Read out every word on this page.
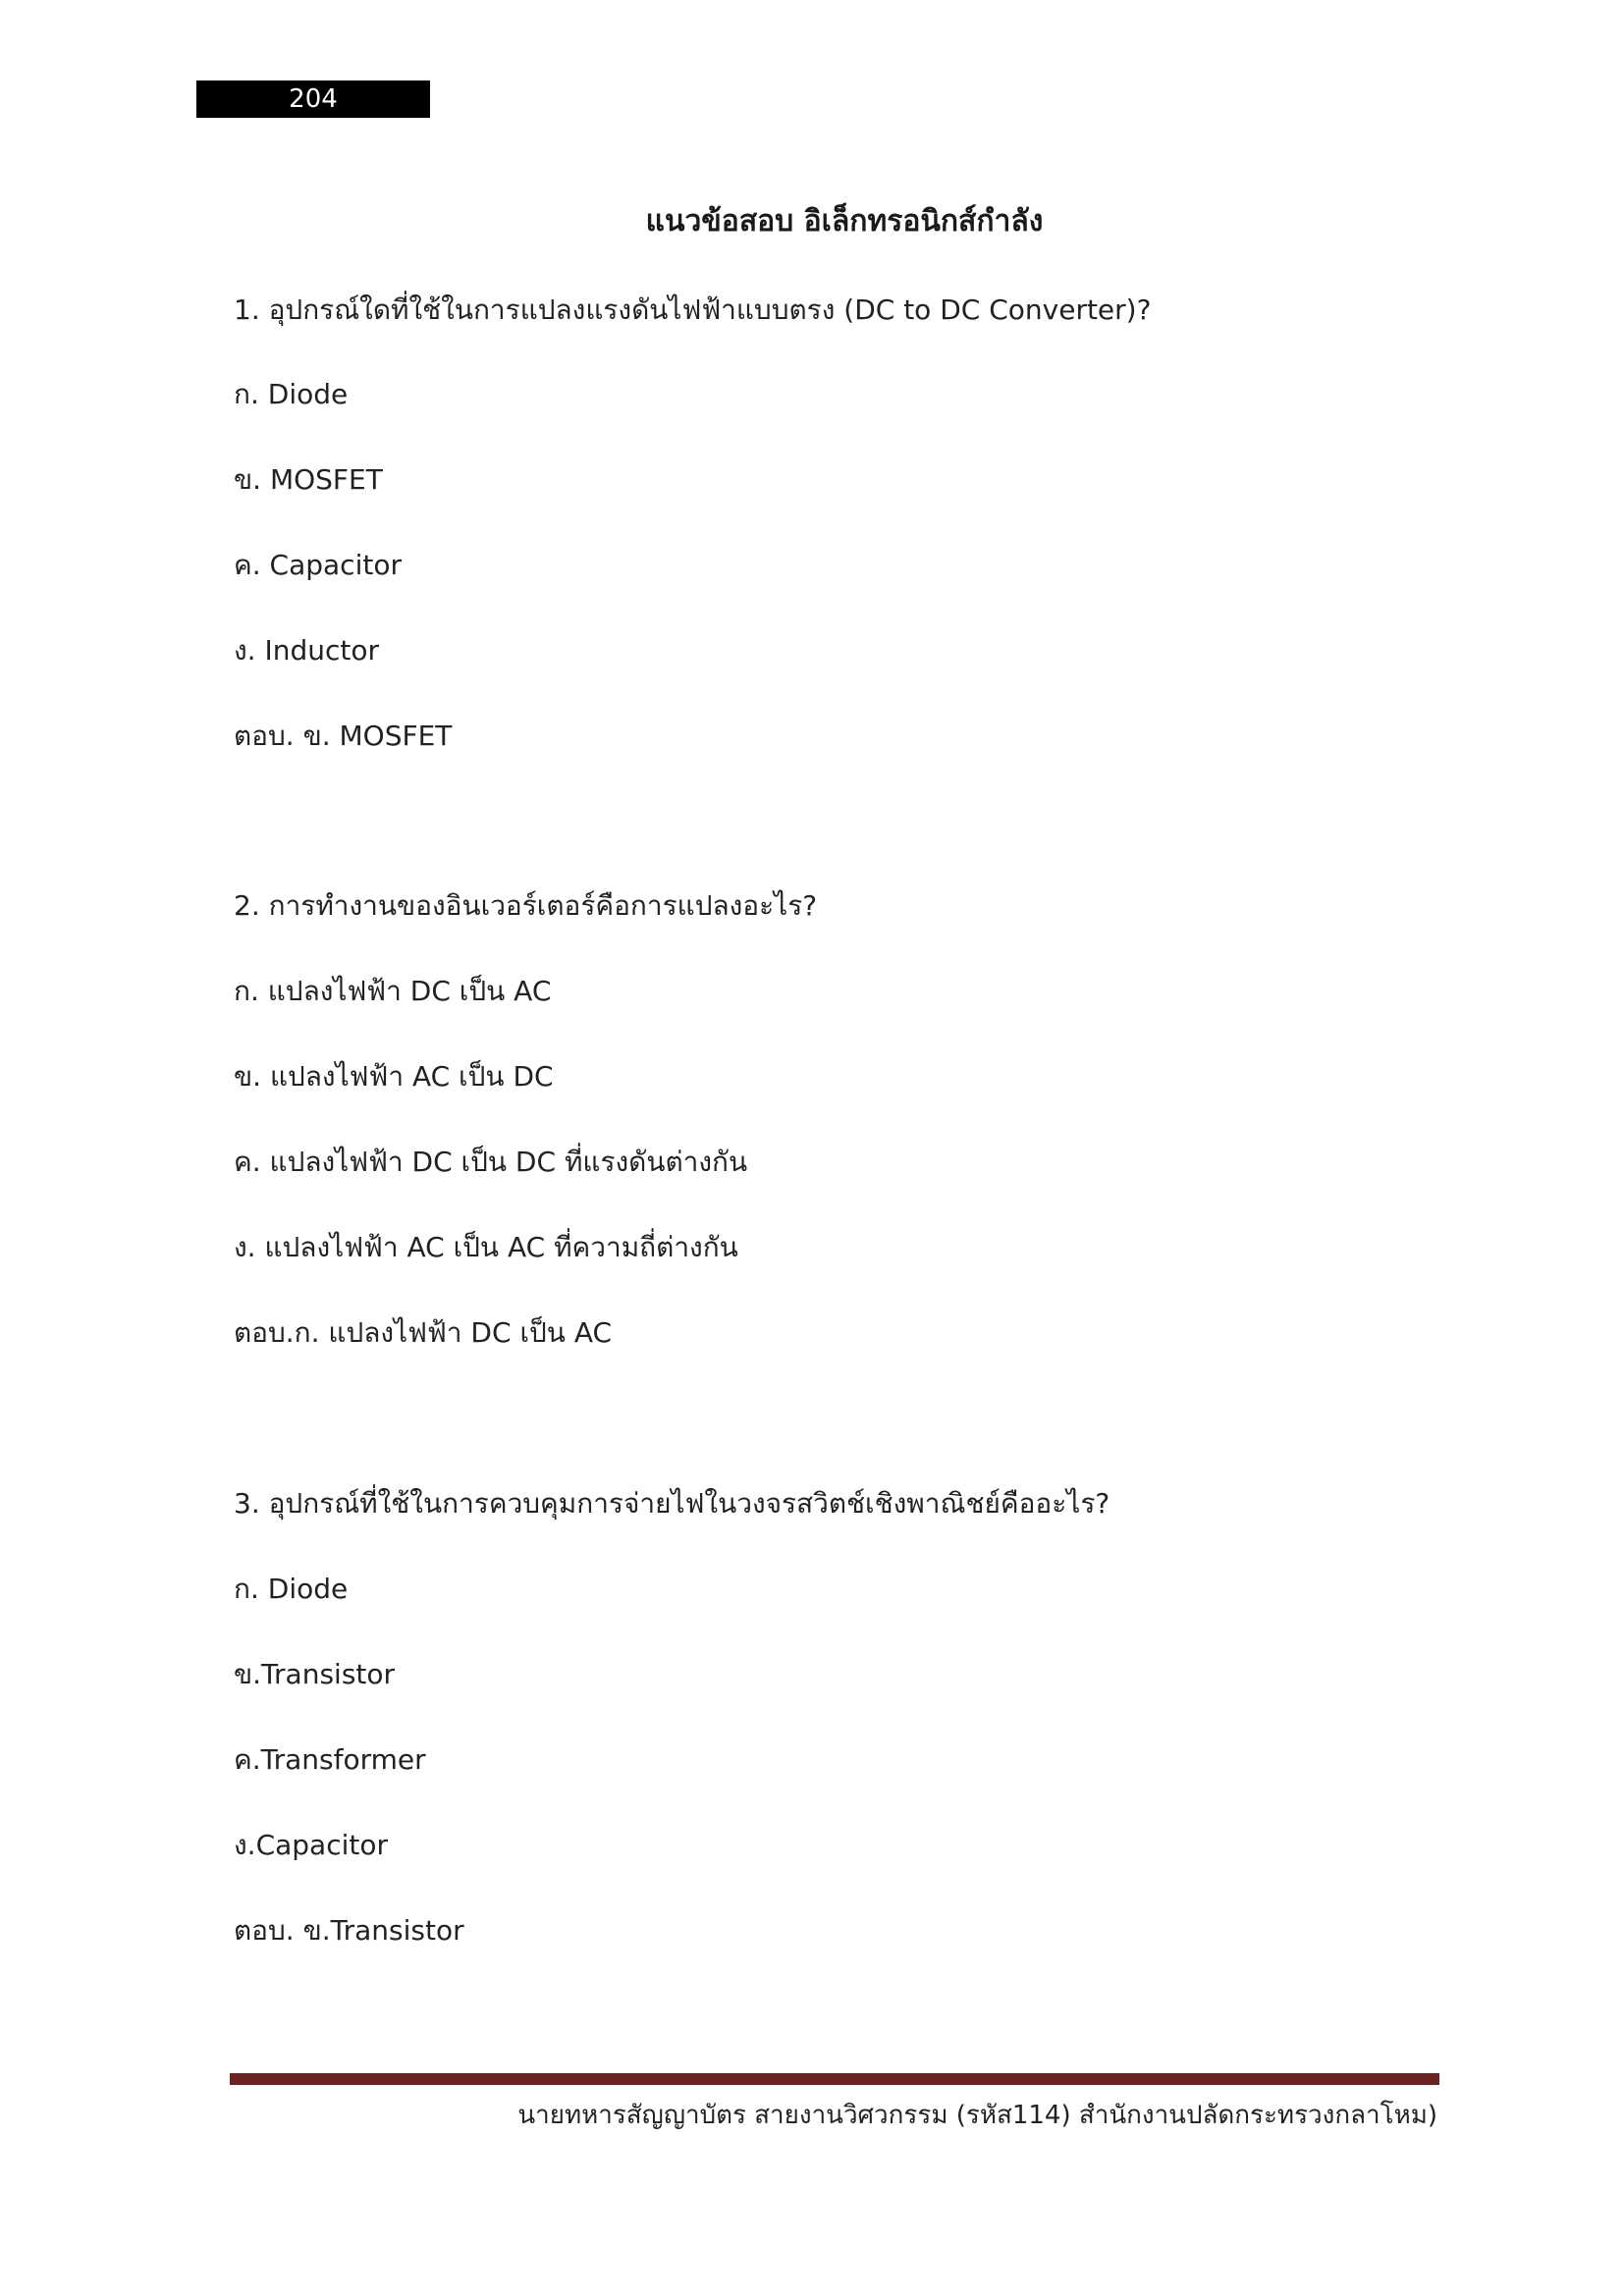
204
แนวข้อสอบ อิเล็กทรอนิกส์กำลัง
1. อุปกรณ์ใดที่ใช้ในการแปลงแรงดันไฟฟ้าแบบตรง (DC to DC Converter)?
ก. Diode
ข. MOSFET
ค. Capacitor
ง. Inductor
ตอบ. ข. MOSFET
2. การทำงานของอินเวอร์เตอร์คือการแปลงอะไร?
ก. แปลงไฟฟ้า DC เป็น AC
ข. แปลงไฟฟ้า AC เป็น DC
ค. แปลงไฟฟ้า DC เป็น DC ที่แรงดันต่างกัน
ง. แปลงไฟฟ้า AC เป็น AC ที่ความถี่ต่างกัน
ตอบ.ก. แปลงไฟฟ้า DC เป็น AC
3. อุปกรณ์ที่ใช้ในการควบคุมการจ่ายไฟในวงจรสวิตช์เชิงพาณิชย์คืออะไร?
ก. Diode
ข.Transistor
ค.Transformer
ง.Capacitor
ตอบ. ข.Transistor
นายทหารสัญญาบัตร สายงานวิศวกรรม (รหัส114) สำนักงานปลัดกระทรวงกลาโหม)
